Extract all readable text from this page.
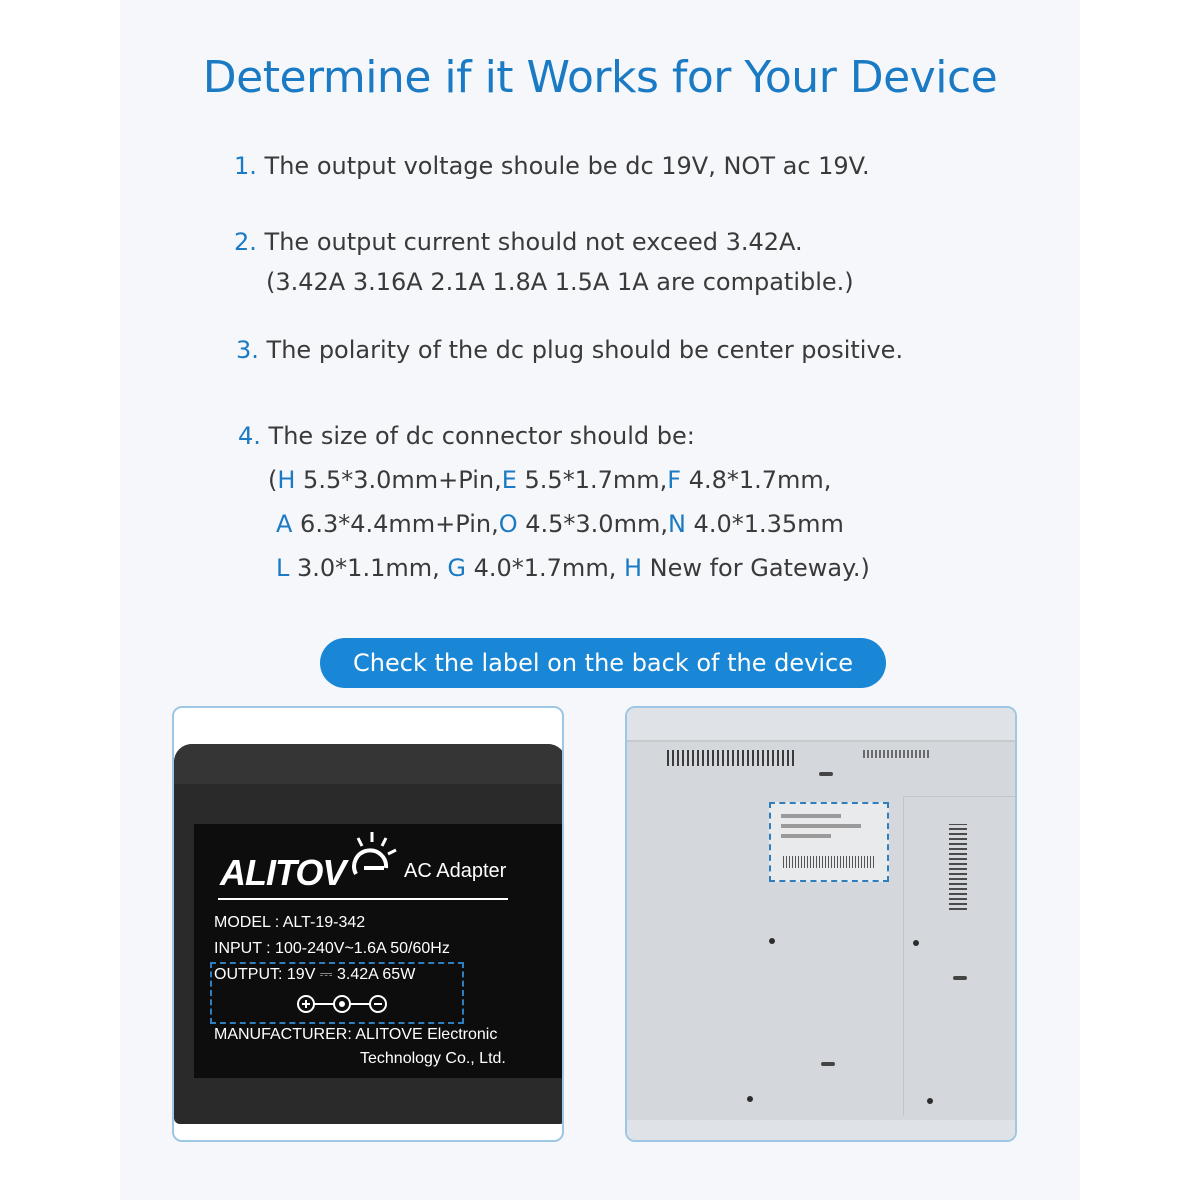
Determine if it Works for Your Device
1. The output voltage shoule be dc 19V, NOT ac 19V.
2. The output current should not exceed 3.42A.
(3.42A 3.16A 2.1A 1.8A 1.5A 1A are compatible.)
3. The polarity of the dc plug should be center positive.
4. The size of dc connector should be:
(H 5.5*3.0mm+Pin,E 5.5*1.7mm,F 4.8*1.7mm,
A 6.3*4.4mm+Pin,O 4.5*3.0mm,N 4.0*1.35mm
L 3.0*1.1mm, G 4.0*1.7mm, H New for Gateway.)
Check the label on the back of the device
ALITOV	AC Adapter
MODEL : ALT-19-342
INPUT : 100-240V~1.6A 50/60Hz
OUTPUT: 19V ⎓ 3.42A 65W
MANUFACTURER: ALITOVE Electronic
Technology Co., Ltd.
